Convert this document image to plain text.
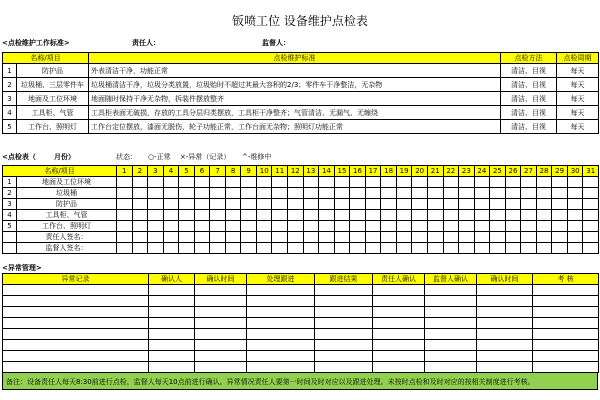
钣喷工位 设备维护点检表
<点检维护工作标准>	责任人：	监督人：
名称/项目		点检维护标准	点检方法	点检周期
1	防护品	外表清洁干净，功能正常	清洁、目视	每天
2	垃圾桶、三层零件车	垃圾桶清洁干净，垃圾分类放置，垃圾贻时不超过其最大容积的2/3；零件车干净整洁，无杂物	清洁、目视	每天
3	地面及工位环境	地面随时保持干净无杂物，拆装件摆放整齐	清洁、目视	每天
4	工具柜、气管	工具柜表面无破损，存放的工具分层归类摆放，工具柜干净整齐；气管清洁、无漏气、无缠绕	清洁、目视	每天
5	工作台、照明灯	工作台定位摆放，漆面无脱伤，轮子功能正常，工作台面无杂物；照明灯功能正常	清洁、目视	每天
<点检表（	月份）	状态： ○-正常 ×-异常（记录） ^-维修中
名称/项目		1	2	3	4	5	6	7	8	9	10	11	12	13	14	15	16	17	18	19	20	21	22	23	24	25	26	27	28	29	30	31
1	地面及工位环境																															
2	垃圾桶																															
3	防护品																															
4	工具柜、气管																															
5	工作台、照明灯																															
	责任人签名：																															
	监督人签名：																															
<异常管理>
异常记录	确认人	确认时间	处理跟进	跟进结果	责任人确认	监督人确认	确认时间	考 核

备注：设备责任人每天8:30前进行点检，监督人每天10点前进行确认。异常情况责任人要第一时间及时对应以及跟进处理。未按时点检和及时对应的按相关制度进行考核。
